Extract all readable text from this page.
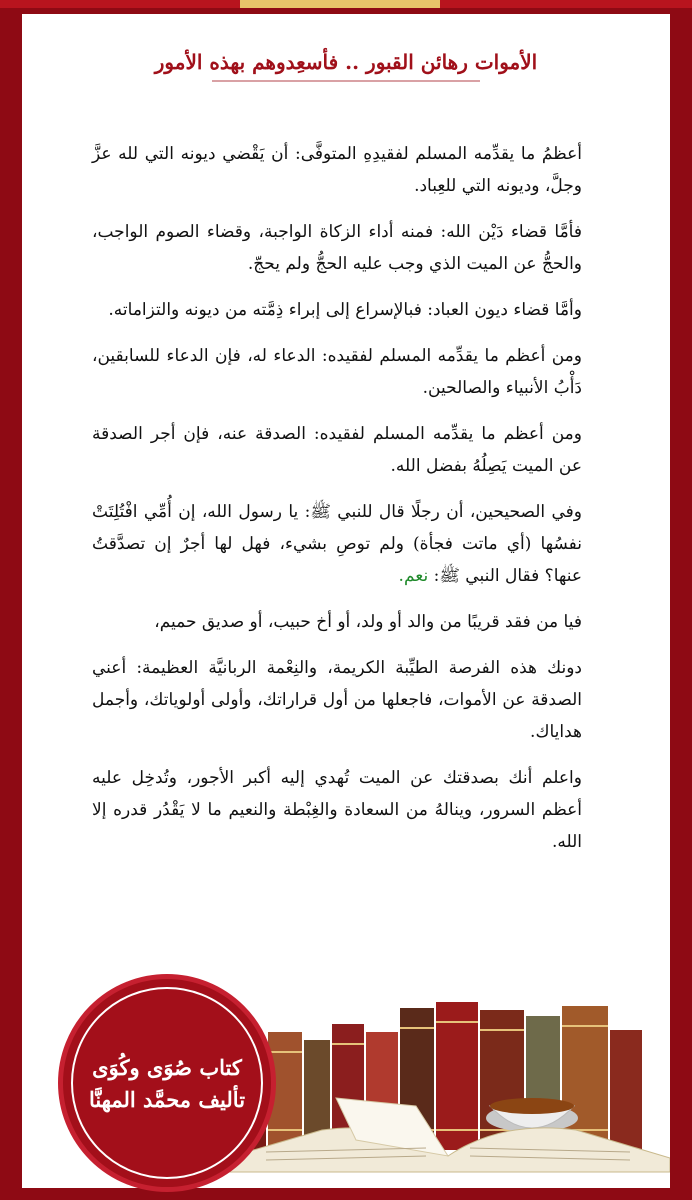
الأموات رهائن القبور .. فأسعِدوهم بهذه الأمور

أعظمُ ما يقدِّمه المسلم لفقيدِهِ المتوفَّى: أن يَقْضي ديونه التي لله عزَّ وجلَّ، وديونه التي للعِباد.

فأمَّا قضاء دَيْن الله: فمنه أداء الزكاة الواجبة، وقضاء الصوم الواجب، والحجُّ عن الميت الذي وجب عليه الحجُّ ولم يحجّ.

وأمَّا قضاء ديون العباد: فبالإسراع إلى إبراء ذِمَّته من ديونه والتزاماته.

ومن أعظم ما يقدِّمه المسلم لفقيده: الدعاء له، فإن الدعاء للسابقين، دَأْبُ الأنبياء والصالحين.

ومن أعظم ما يقدِّمه المسلم لفقيده: الصدقة عنه، فإن أجر الصدقة عن الميت يَصِلُهُ بفضل الله.

وفي الصحيحين، أن رجلًا قال للنبي ﷺ: يا رسول الله، إن أُمِّي افْتُلِتَتْ نفسُها (أي ماتت فجأة) ولم توصِ بشيء، فهل لها أجرٌ إن تصدَّقتُ عنها؟ فقال النبي ﷺ: نعم.

فيا من فقد قريبًا من والد أو ولد، أو أخ حبيب، أو صديق حميم،

دونك هذه الفرصة الطيِّبة الكريمة، والنِعْمة الربانيَّة العظيمة: أعني الصدقة عن الأموات، فاجعلها من أول قراراتك، وأولى أولوياتك، وأجمل هداياك.

واعلم أنك بصدقتك عن الميت تُهدي إليه أكبر الأجور، وتُدخِل عليه أعظم السرور، وينالهُ من السعادة والغِبْطة والنعيم ما لا يَقْدُر قدره إلا الله.

كتاب صُوَى وكُوَى
تأليف محمَّد المهنَّا
